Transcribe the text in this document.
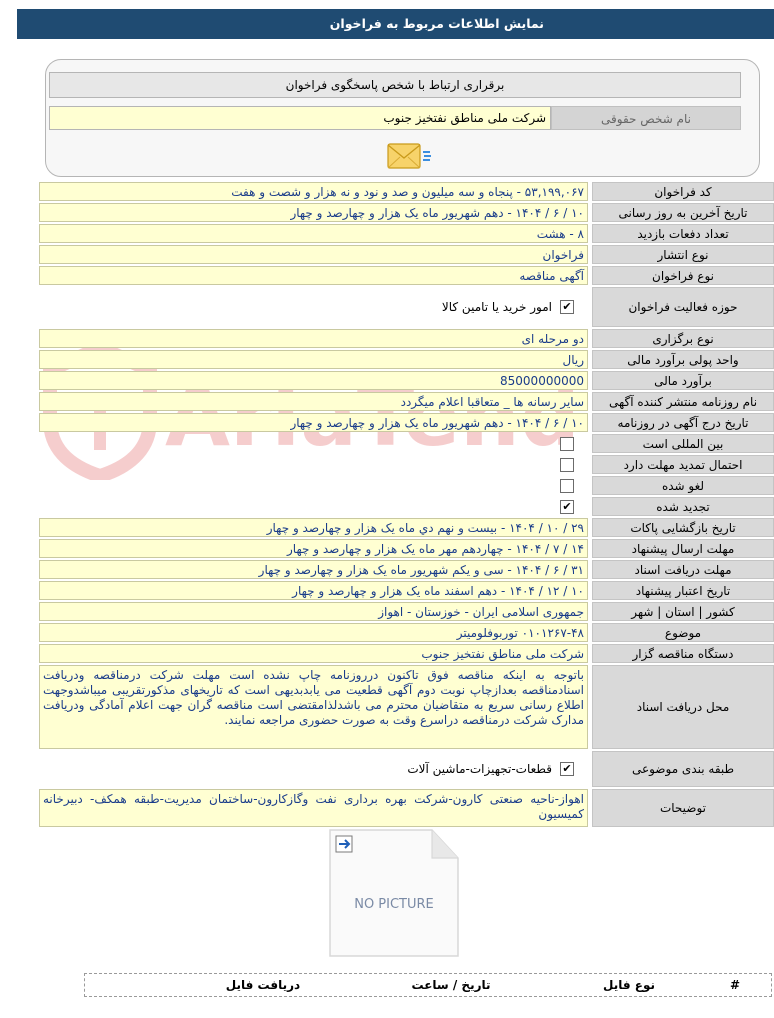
نمایش اطلاعات مربوط به فراخوان
برقراری ارتباط با شخص پاسخگوی فراخوان
نام شخص حقوقی
شرکت ملی مناطق نفتخیز جنوب
کد فراخوان
۵۳,۱۹۹,۰۶۷ - پنجاه و سه میلیون و صد و نود و نه هزار و شصت و هفت
تاریخ آخرین به روز رسانی
۱۰ / ۶ / ۱۴۰۴ - دهم شهریور ماه یک هزار و چهارصد و چهار
تعداد دفعات بازدید
۸ - هشت
نوع انتشار
فراخوان
نوع فراخوان
آگهی مناقصه
حوزه فعالیت فراخوان
✔
امور خرید یا تامین کالا
نوع برگزاری
دو مرحله ای
واحد پولی برآورد مالی
ریال
برآورد مالی
85000000000
نام روزنامه منتشر کننده آگهی
سایر رسانه ها _ متعاقبا اعلام میگردد
تاریخ درج آگهی در روزنامه
۱۰ / ۶ / ۱۴۰۴ - دهم شهریور ماه یک هزار و چهارصد و چهار
بین المللی است
احتمال تمدید مهلت دارد
لغو شده
تجدید شده
✔
تاریخ بازگشایی پاکات
۲۹ / ۱۰ / ۱۴۰۴ - بیست و نهم دي ماه یک هزار و چهارصد و چهار
مهلت ارسال پیشنهاد
۱۴ / ۷ / ۱۴۰۴ - چهاردهم مهر ماه یک هزار و چهارصد و چهار
مهلت دریافت اسناد
۳۱ / ۶ / ۱۴۰۴ - سی و یکم شهریور ماه یک هزار و چهارصد و چهار
تاریخ اعتبار پیشنهاد
۱۰ / ۱۲ / ۱۴۰۴ - دهم اسفند ماه یک هزار و چهارصد و چهار
کشور | استان | شهر
جمهوری اسلامی ایران - خوزستان - اهواز
موضوع
۰۱۰۱۲۶۷-۴۸ توربوفلومیتر
دستگاه مناقصه گزار
شرکت ملی مناطق نفتخیز جنوب
محل دریافت اسناد
باتوجه به اینکه مناقصه فوق تاکنون درروزنامه چاپ نشده است مهلت شرکت درمناقصه ودریافت اسنادمناقصه بعدازچاپ نوبت دوم آگهی قطعیت می یابدبدیهی است که تاریخهای مذکورتقریبی میباشدوجهت اطلاع رسانی سریع به متقاضیان محترم می باشدلذامقتضی است مناقصه گران جهت اعلام آمادگی ودریافت مدارک شرکت درمناقصه دراسرع وقت به صورت حضوری مراجعه نمایند.
طبقه بندی موضوعی
✔
قطعات-تجهیزات-ماشین آلات
توضیحات
اهواز-ناحیه صنعتی کارون-شرکت بهره برداری نفت وگازکارون-ساختمان مدیریت-طبقه همکف- دبیرخانه کمیسیون
NO PICTURE
#
نوع فایل
تاریخ / ساعت
دریافت فایل
